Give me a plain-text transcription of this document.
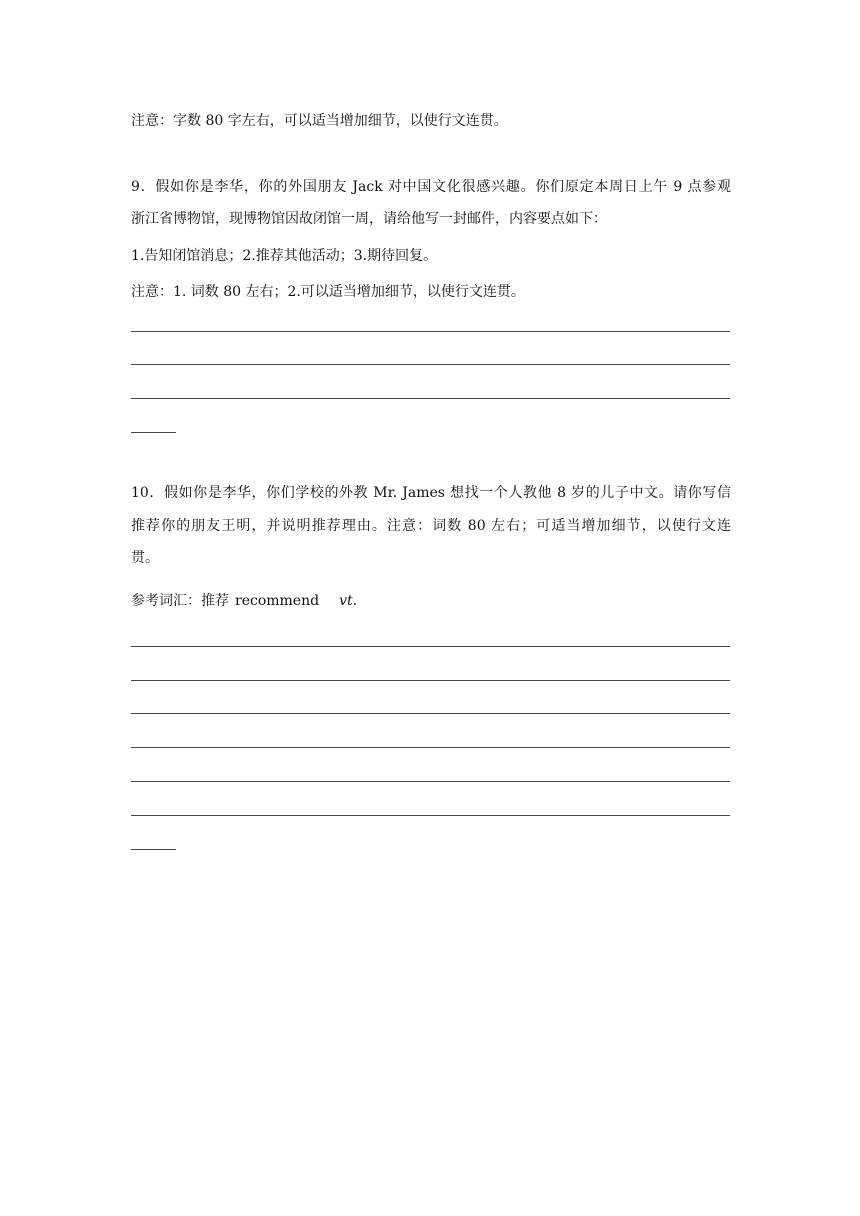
注意：字数 80 字左右，可以适当增加细节，以使行文连贯。
9．假如你是李华，你的外国朋友 Jack 对中国文化很感兴趣。你们原定本周日上午 9 点参观
浙江省博物馆，现博物馆因故闭馆一周，请给他写一封邮件，内容要点如下：
1.告知闭馆消息；2.推荐其他活动；3.期待回复。
注意：1. 词数 80 左右；2.可以适当增加细节，以使行文连贯。
10．假如你是李华，你们学校的外教 Mr. James 想找一个人教他 8 岁的儿子中文。请你写信
推荐你的朋友王明，并说明推荐理由。注意：词数 80 左右；可适当增加细节，以使行文连
贯。
参考词汇：推荐 recommend vt.
